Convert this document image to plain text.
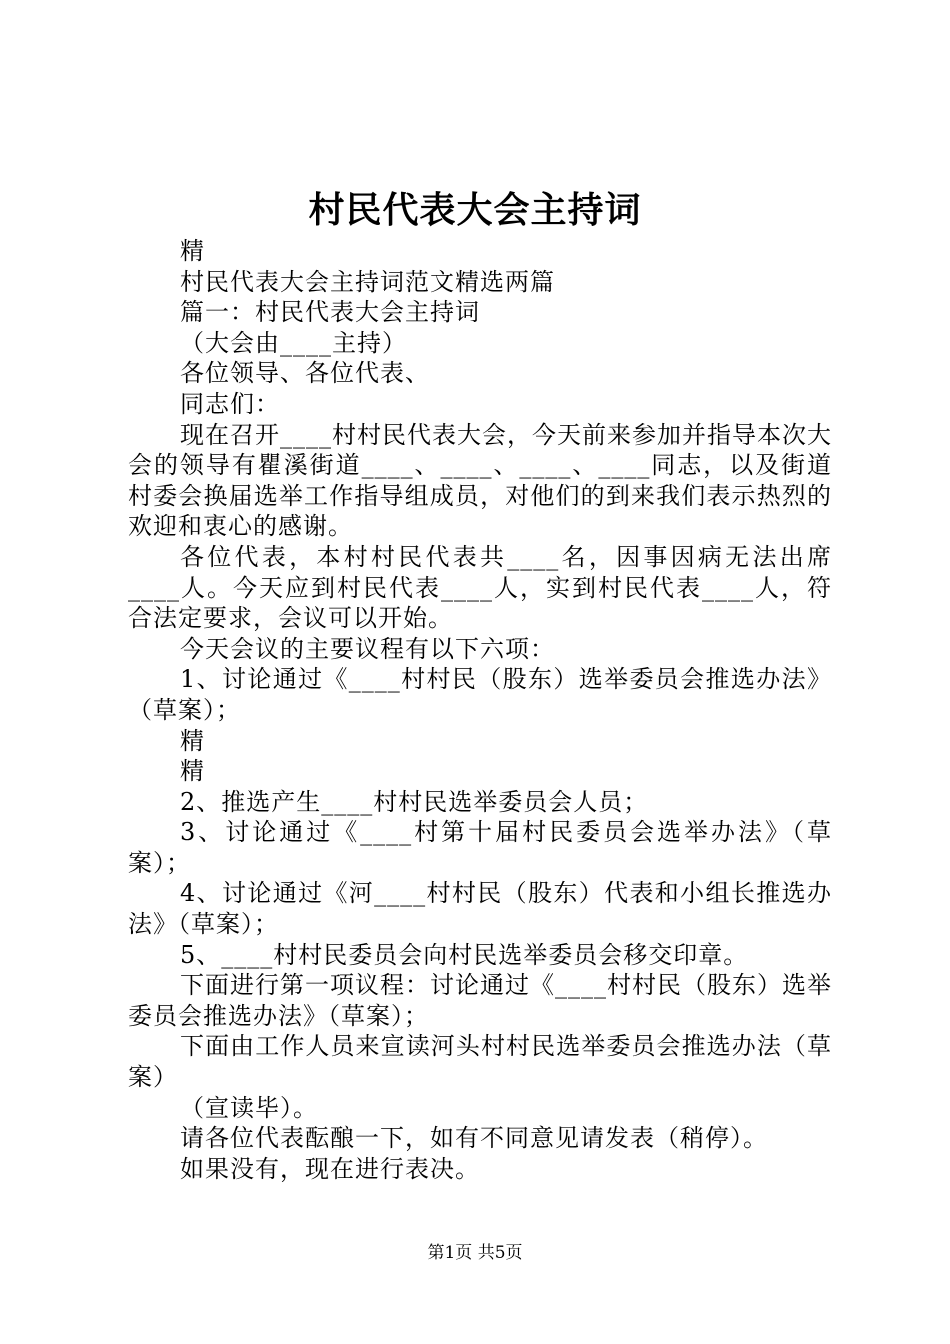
村民代表大会主持词

精

村民代表大会主持词范文精选两篇

篇一：村民代表大会主持词

（大会由____主持）

各位领导、各位代表、

同志们：

现在召开____村村民代表大会，今天前来参加并指导本次大会的领导有瞿溪街道____、____、____、____同志，以及街道村委会换届选举工作指导组成员，对他们的到来我们表示热烈的欢迎和衷心的感谢。

各位代表，本村村民代表共____名，因事因病无法出席____人。今天应到村民代表____人，实到村民代表____人，符合法定要求，会议可以开始。

今天会议的主要议程有以下六项：

1、讨论通过《____村村民（股东）选举委员会推选办法》（草案）；

精

精

2、推选产生____村村民选举委员会人员；

3、讨论通过《____村第十届村民委员会选举办法》（草案）；

4、讨论通过《河____村村民（股东）代表和小组长推选办法》（草案）；

5、____村村民委员会向村民选举委员会移交印章。

下面进行第一项议程：讨论通过《____村村民（股东）选举委员会推选办法》（草案）；

下面由工作人员来宣读河头村村民选举委员会推选办法（草案）

（宣读毕）。

请各位代表酝酿一下，如有不同意见请发表（稍停）。

如果没有，现在进行表决。

第1页 共5页
